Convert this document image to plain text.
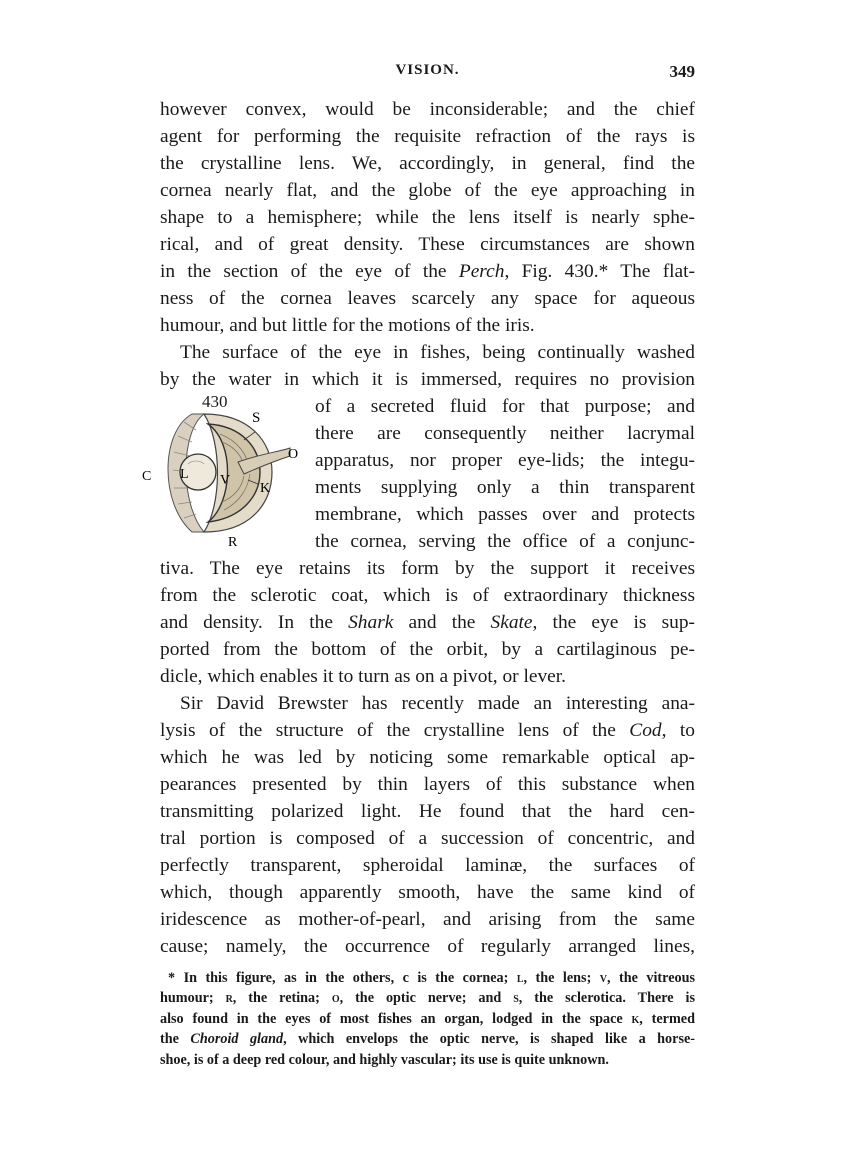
VISION.	349
however convex, would be inconsiderable; and the chief
agent for performing the requisite refraction of the rays is
the crystalline lens. We, accordingly, in general, find the
cornea nearly flat, and the globe of the eye approaching in
shape to a hemisphere; while the lens itself is nearly sphe-
rical, and of great density. These circumstances are shown
in the section of the eye of the Perch, Fig. 430.* The flat-
ness of the cornea leaves scarcely any space for aqueous
humour, and but little for the motions of the iris.
The surface of the eye in fishes, being continually washed
by the water in which it is immersed, requires no provision
of a secreted fluid for that purpose; and
there are consequently neither lacrymal
apparatus, nor proper eye-lids; the integu-
ments supplying only a thin transparent
membrane, which passes over and protects
the cornea, serving the office of a conjunc-
tiva. The eye retains its form by the support it receives
from the sclerotic coat, which is of extraordinary thickness
and density. In the Shark and the Skate, the eye is sup-
ported from the bottom of the orbit, by a cartilaginous pe-
dicle, which enables it to turn as on a pivot, or lever.
Sir David Brewster has recently made an interesting ana-
lysis of the structure of the crystalline lens of the Cod, to
which he was led by noticing some remarkable optical ap-
pearances presented by thin layers of this substance when
transmitting polarized light. He found that the hard cen-
tral portion is composed of a succession of concentric, and
perfectly transparent, spheroidal laminæ, the surfaces of
which, though apparently smooth, have the same kind of
iridescence as mother-of-pearl, and arising from the same
cause; namely, the occurrence of regularly arranged lines,
430
S
O
C L V
K
R
* In this figure, as in the others, c is the cornea; l, the lens; v, the vitreous
humour; r, the retina; o, the optic nerve; and s, the sclerotica. There is
also found in the eyes of most fishes an organ, lodged in the space k, termed
the Choroid gland, which envelops the optic nerve, is shaped like a horse-
shoe, is of a deep red colour, and highly vascular; its use is quite unknown.
